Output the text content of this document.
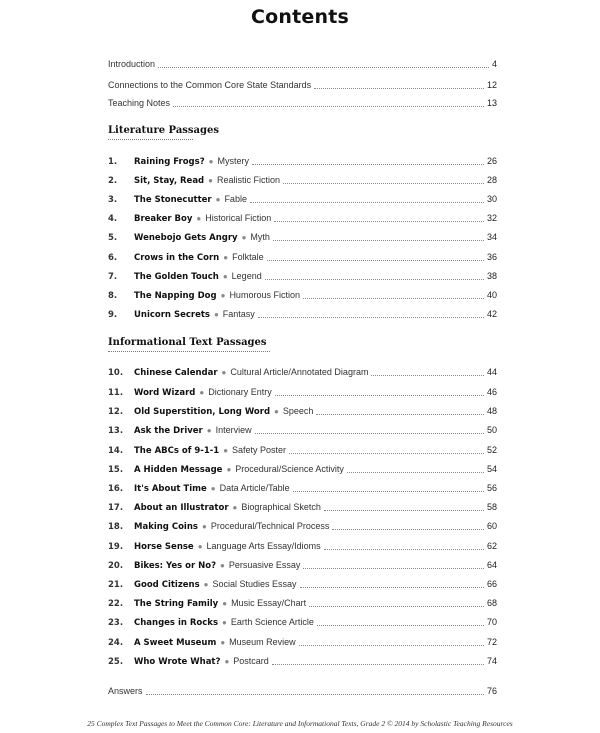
Contents
Introduction	4
Connections to the Common Core State Standards	12
Teaching Notes	13
Literature Passages
1.	Raining Frogs? ● Mystery	26
2.	Sit, Stay, Read ● Realistic Fiction	28
3.	The Stonecutter ● Fable	30
4.	Breaker Boy ● Historical Fiction	32
5.	Wenebojo Gets Angry ● Myth	34
6.	Crows in the Corn ● Folktale	36
7.	The Golden Touch ● Legend	38
8.	The Napping Dog ● Humorous Fiction	40
9.	Unicorn Secrets ● Fantasy	42
Informational Text Passages
10.	Chinese Calendar ● Cultural Article/Annotated Diagram	44
11.	Word Wizard ● Dictionary Entry	46
12.	Old Superstition, Long Word ● Speech	48
13.	Ask the Driver ● Interview	50
14.	The ABCs of 9-1-1 ● Safety Poster	52
15.	A Hidden Message ● Procedural/Science Activity	54
16.	It's About Time ● Data Article/Table	56
17.	About an Illustrator ● Biographical Sketch	58
18.	Making Coins ● Procedural/Technical Process	60
19.	Horse Sense ● Language Arts Essay/Idioms	62
20.	Bikes: Yes or No? ● Persuasive Essay	64
21.	Good Citizens ● Social Studies Essay	66
22.	The String Family ● Music Essay/Chart	68
23.	Changes in Rocks ● Earth Science Article	70
24.	A Sweet Museum ● Museum Review	72
25.	Who Wrote What? ● Postcard	74
Answers	76
25 Complex Text Passages to Meet the Common Core: Literature and Informational Texts, Grade 2 © 2014 by Scholastic Teaching Resources
